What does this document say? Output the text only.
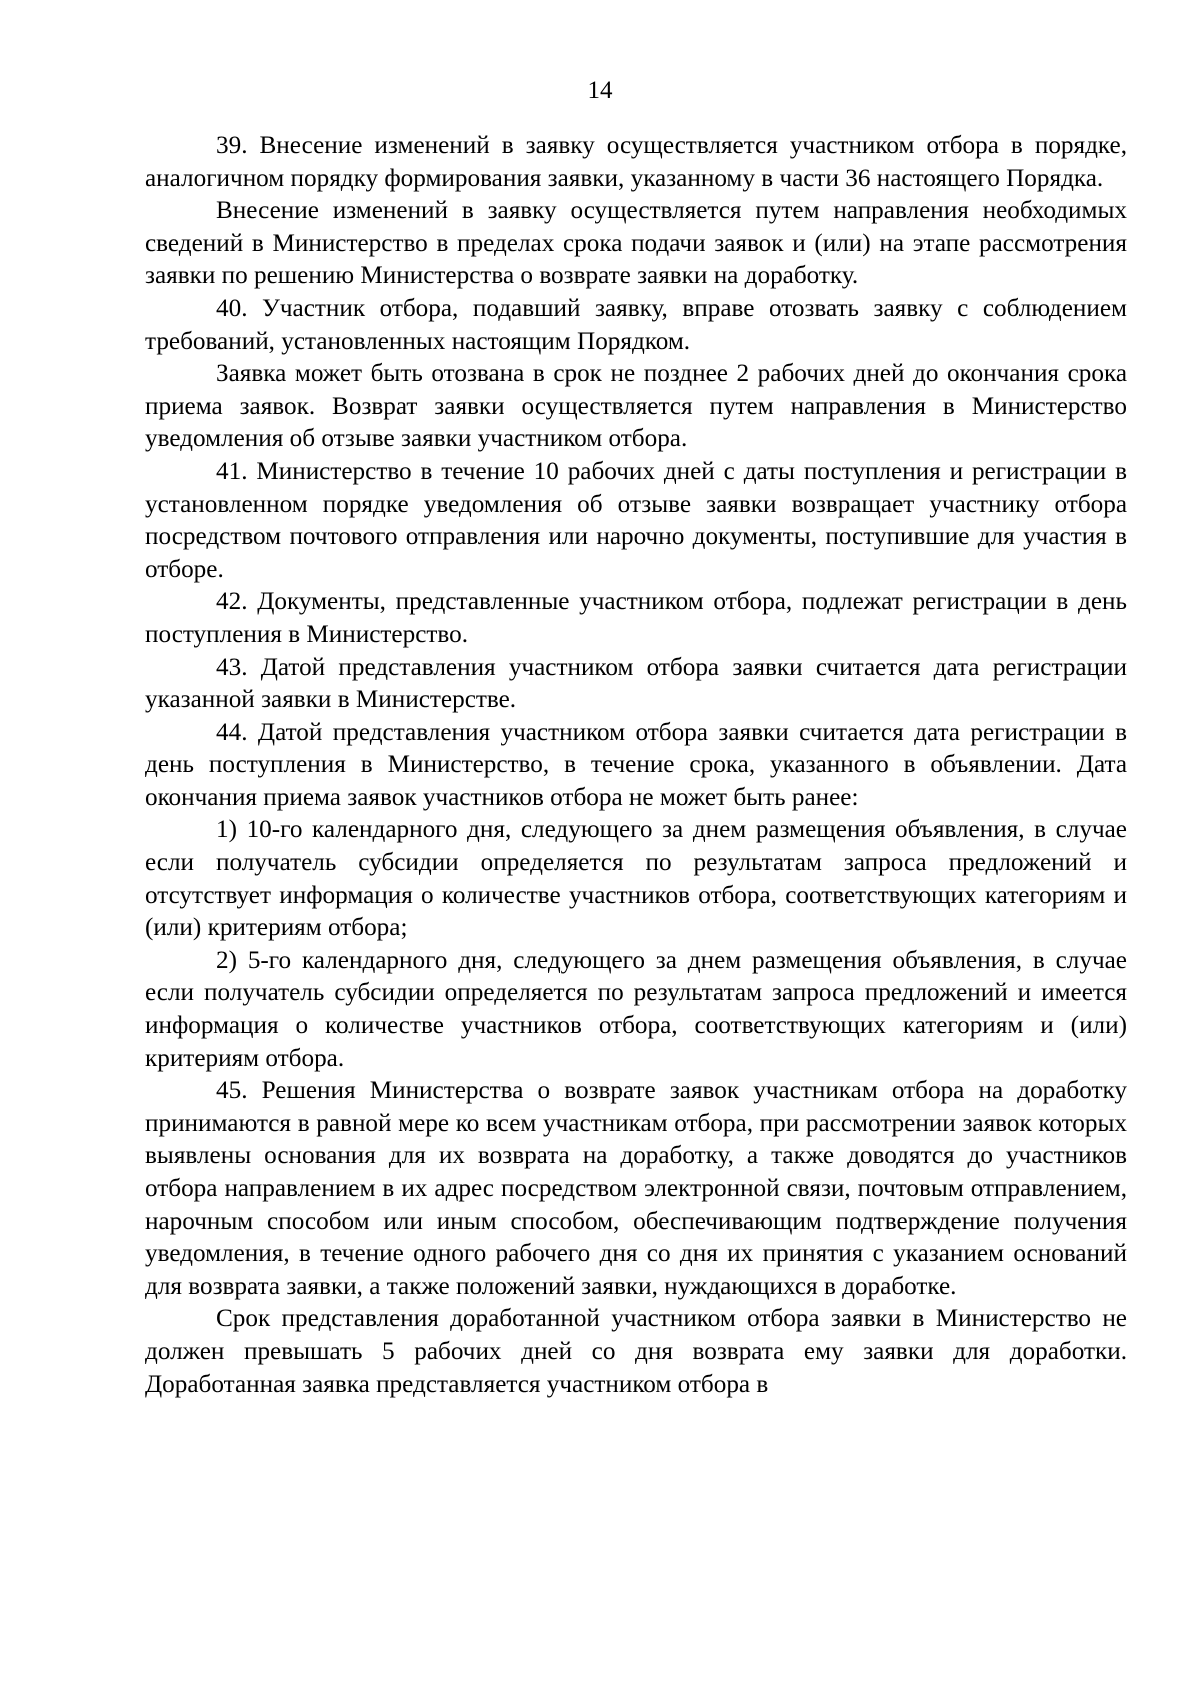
14

39. Внесение изменений в заявку осуществляется участником отбора в порядке, аналогичном порядку формирования заявки, указанному в части 36 настоящего Порядка.

Внесение изменений в заявку осуществляется путем направления необходимых сведений в Министерство в пределах срока подачи заявок и (или) на этапе рассмотрения заявки по решению Министерства о возврате заявки на доработку.

40. Участник отбора, подавший заявку, вправе отозвать заявку с соблюдением требований, установленных настоящим Порядком.

Заявка может быть отозвана в срок не позднее 2 рабочих дней до окончания срока приема заявок. Возврат заявки осуществляется путем направления в Министерство уведомления об отзыве заявки участником отбора.

41. Министерство в течение 10 рабочих дней с даты поступления и регистрации в установленном порядке уведомления об отзыве заявки возвращает участнику отбора посредством почтового отправления или нарочно документы, поступившие для участия в отборе.

42. Документы, представленные участником отбора, подлежат регистрации в день поступления в Министерство.

43. Датой представления участником отбора заявки считается дата регистрации указанной заявки в Министерстве.

44. Датой представления участником отбора заявки считается дата регистрации в день поступления в Министерство, в течение срока, указанного в объявлении. Дата окончания приема заявок участников отбора не может быть ранее:

1) 10-го календарного дня, следующего за днем размещения объявления, в случае если получатель субсидии определяется по результатам запроса предложений и отсутствует информация о количестве участников отбора, соответствующих категориям и (или) критериям отбора;

2) 5-го календарного дня, следующего за днем размещения объявления, в случае если получатель субсидии определяется по результатам запроса предложений и имеется информация о количестве участников отбора, соответствующих категориям и (или) критериям отбора.

45. Решения Министерства о возврате заявок участникам отбора на доработку принимаются в равной мере ко всем участникам отбора, при рассмотрении заявок которых выявлены основания для их возврата на доработку, а также доводятся до участников отбора направлением в их адрес посредством электронной связи, почтовым отправлением, нарочным способом или иным способом, обеспечивающим подтверждение получения уведомления, в течение одного рабочего дня со дня их принятия с указанием оснований для возврата заявки, а также положений заявки, нуждающихся в доработке.

Срок представления доработанной участником отбора заявки в Министерство не должен превышать 5 рабочих дней со дня возврата ему заявки для доработки. Доработанная заявка представляется участником отбора в
